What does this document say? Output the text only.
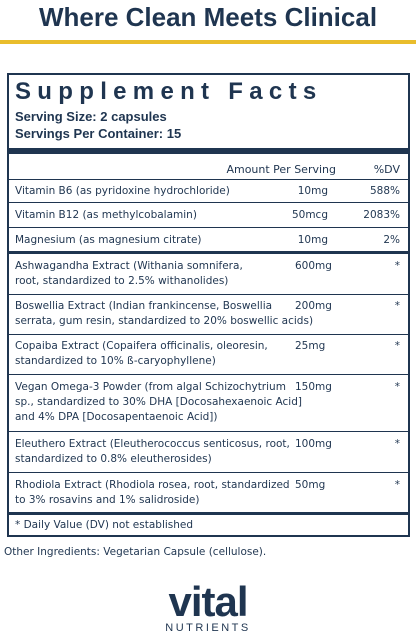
Where Clean Meets Clinical
Supplement Facts
Serving Size: 2 capsules
Servings Per Container: 15
Amount Per Serving	%DV
Vitamin B6 (as pyridoxine hydrochloride)	10mg	588%
Vitamin B12 (as methylcobalamin)	50mcg	2083%
Magnesium (as magnesium citrate)	10mg	2%
Ashwagandha Extract (Withania somnifera,
root, standardized to 2.5% withanolides)
600mg	*
Boswellia Extract (Indian frankincense, Boswellia
serrata, gum resin, standardized to 20% boswellic acids)
200mg	*
Copaiba Extract (Copaifera officinalis, oleoresin,
standardized to 10% ß-caryophyllene)
25mg	*
Vegan Omega-3 Powder (from algal Schizochytrium
sp., standardized to 30% DHA [Docosahexaenoic Acid]
and 4% DPA [Docosapentaenoic Acid])
150mg	*
Eleuthero Extract (Eleutherococcus senticosus, root,
standardized to 0.8% eleutherosides)
100mg	*
Rhodiola Extract (Rhodiola rosea, root, standardized
to 3% rosavins and 1% salidroside)
50mg	*
* Daily Value (DV) not established
Other Ingredients: Vegetarian Capsule (cellulose).
vital
NUTRIENTS
